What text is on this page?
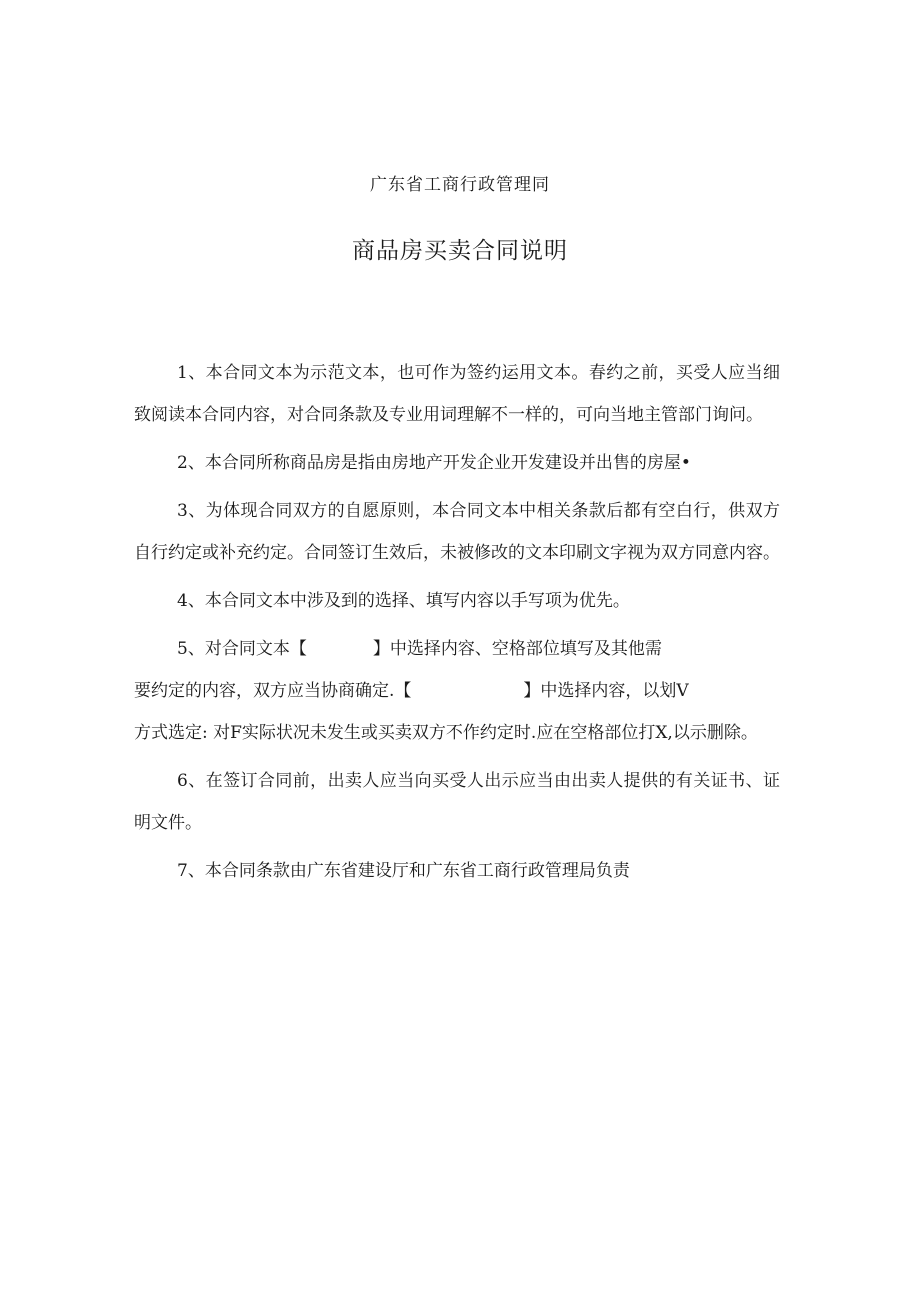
广东省工商行政管理同
商品房买卖合同说明

1、本合同文本为示范文本，也可作为签约运用文本。春约之前，买受人应当细致阅读本合同内容，对合同条款及专业用词理解不一样的，可向当地主管部门询问。

2、本合同所称商品房是指由房地产开发企业开发建设并出售的房屋•

3、为体现合同双方的自愿原则，本合同文本中相关条款后都有空白行，供双方自行约定或补充约定。合同签订生效后，未被修改的文本印刷文字视为双方同意内容。

4、本合同文本中涉及到的选择、填写内容以手写项为优先。

5、对合同文本【	】中选择内容、空格部位填写及其他需

要约定的内容，双方应当协商确定.【	】中选择内容，以划V

方式选定: 对F实际状况未发生或买卖双方不作约定时.应在空格部位打X,以示删除。

6、在签订合同前，出卖人应当向买受人出示应当由出卖人提供的有关证书、证明文件。

7、本合同条款由广东省建设厅和广东省工商行政管理局负责
